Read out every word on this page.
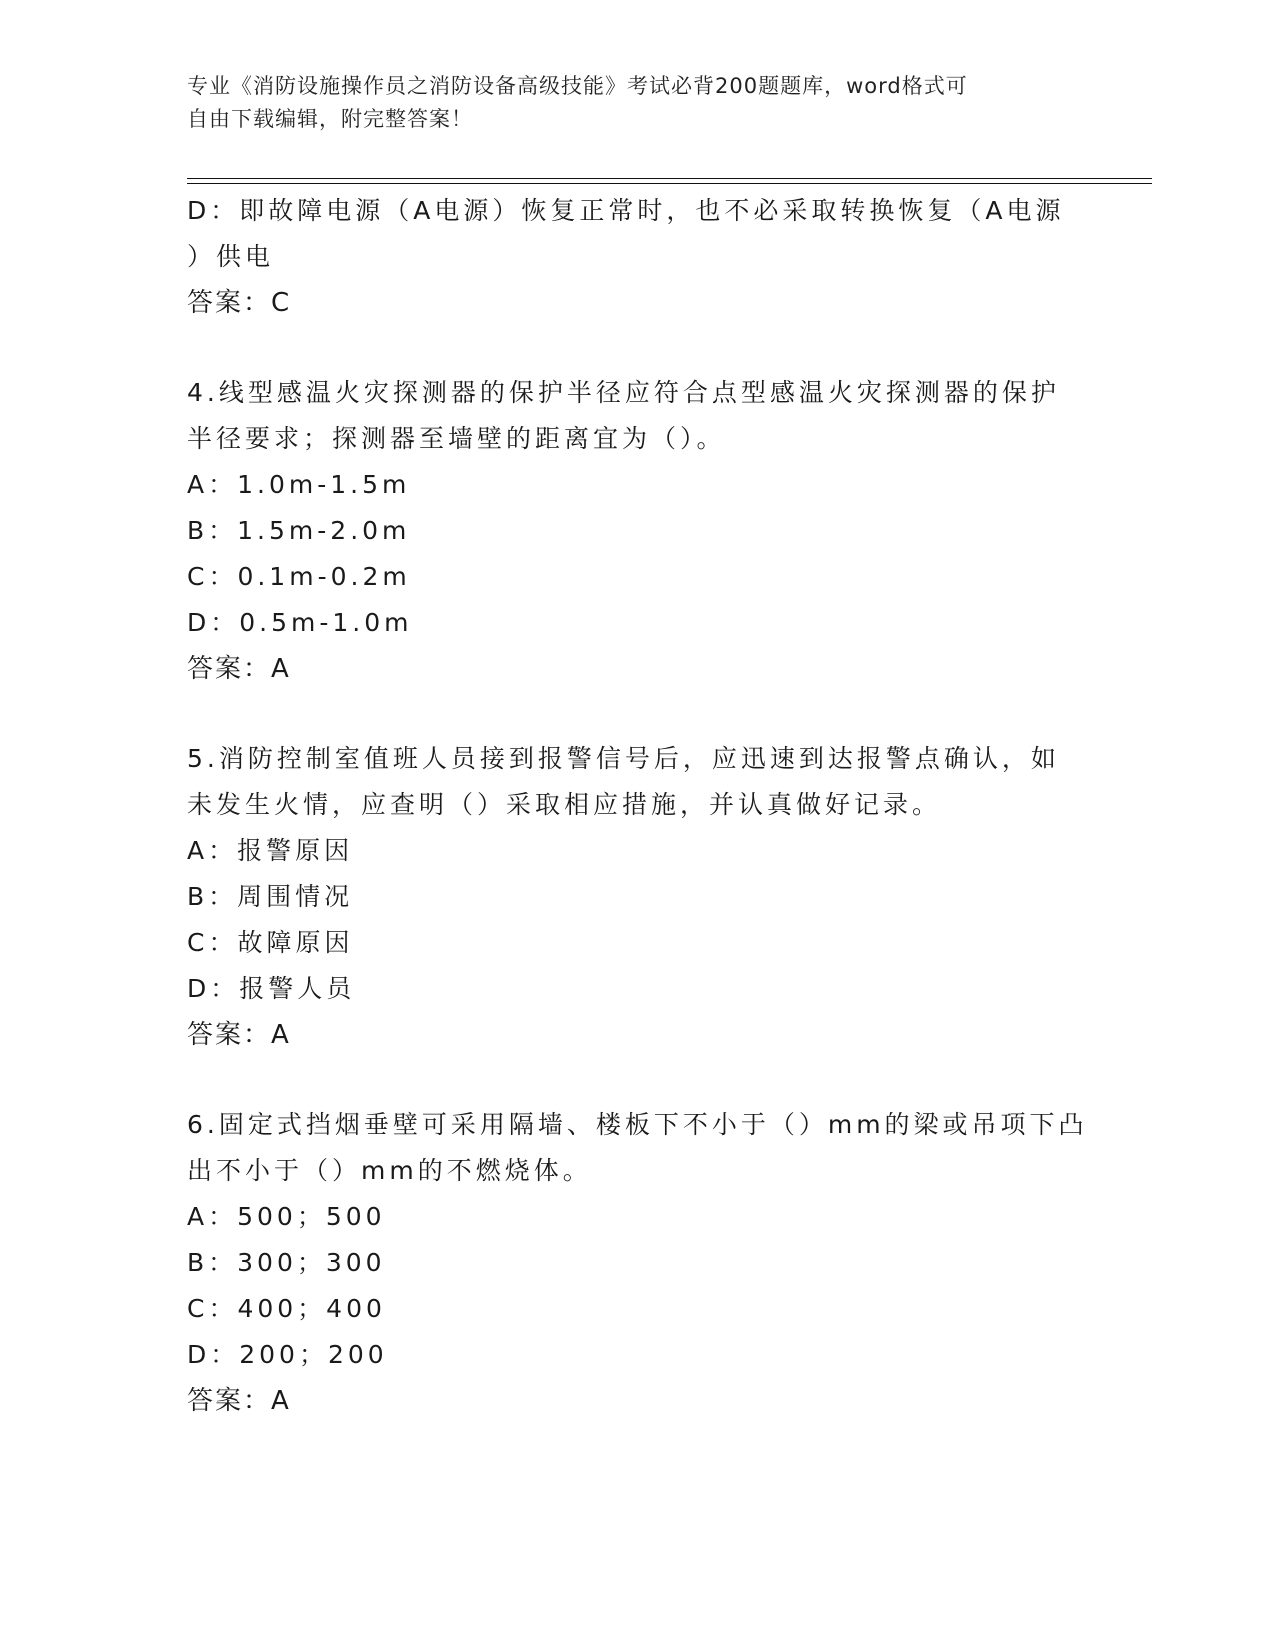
专业《消防设施操作员之消防设备高级技能》考试必背200题题库，word格式可
自由下载编辑，附完整答案！
D：即故障电源（A电源）恢复正常时，也不必采取转换恢复（A电源
）供电
答案：C
4.线型感温火灾探测器的保护半径应符合点型感温火灾探测器的保护
半径要求；探测器至墙壁的距离宜为（）。
A：1.0m-1.5m
B：1.5m-2.0m
C：0.1m-0.2m
D：0.5m-1.0m
答案：A
5.消防控制室值班人员接到报警信号后，应迅速到达报警点确认，如
未发生火情，应查明（）采取相应措施，并认真做好记录。
A：报警原因
B：周围情况
C：故障原因
D：报警人员
答案：A
6.固定式挡烟垂壁可采用隔墙、楼板下不小于（）mm的梁或吊项下凸
出不小于（）mm的不燃烧体。
A：500；500
B：300；300
C：400；400
D：200；200
答案：A
